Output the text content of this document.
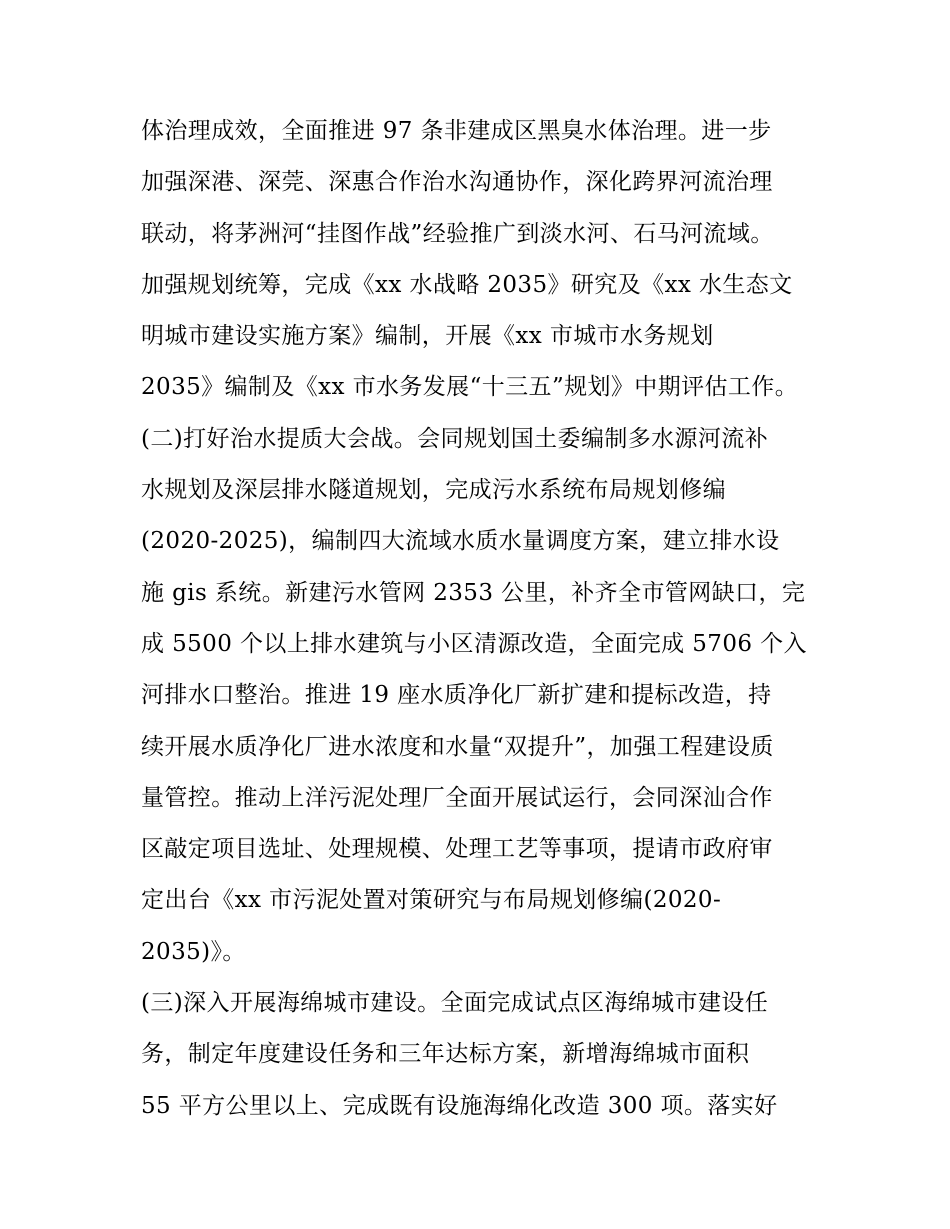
体治理成效，全面推进 97 条非建成区黑臭水体治理。进一步
加强深港、深莞、深惠合作治水沟通协作，深化跨界河流治理
联动，将茅洲河“挂图作战”经验推广到淡水河、石马河流域。
加强规划统筹，完成《xx 水战略 2035》研究及《xx 水生态文
明城市建设实施方案》编制，开展《xx 市城市水务规划
2035》编制及《xx 市水务发展“十三五”规划》中期评估工作。
(二)打好治水提质大会战。会同规划国土委编制多水源河流补
水规划及深层排水隧道规划，完成污水系统布局规划修编
(2020-2025)，编制四大流域水质水量调度方案，建立排水设
施 gis 系统。新建污水管网 2353 公里，补齐全市管网缺口，完
成 5500 个以上排水建筑与小区清源改造，全面完成 5706 个入
河排水口整治。推进 19 座水质净化厂新扩建和提标改造，持
续开展水质净化厂进水浓度和水量“双提升”，加强工程建设质
量管控。推动上洋污泥处理厂全面开展试运行，会同深汕合作
区敲定项目选址、处理规模、处理工艺等事项，提请市政府审
定出台《xx 市污泥处置对策研究与布局规划修编(2020-
2035)》。
(三)深入开展海绵城市建设。全面完成试点区海绵城市建设任
务，制定年度建设任务和三年达标方案，新增海绵城市面积
55 平方公里以上、完成既有设施海绵化改造 300 项。落实好
